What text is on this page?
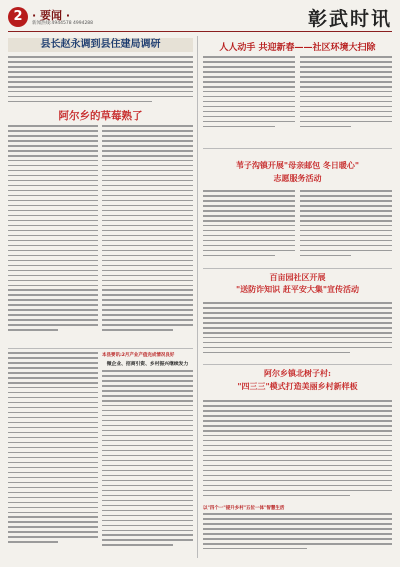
2 · 要闻 ·
新闻热线:4944578 4994288	彰武时讯
县长赵永调到县住建局调研
阿尔乡的草莓熟了
本县要讯:2月产业产值完成情况良好
微企业、招商引资、乡村振兴继续发力
人人动手 共迎新春——社区环境大扫除
苇子沟镇开展"母亲邮包 冬日暖心"
志愿服务活动
百亩园社区开展
"送防诈知识 赶平安大集"宣传活动
阿尔乡镇北树子村:
"四三三"模式打造美丽乡村新样板
以"四个一"提升乡村"五位一体"智慧生活
